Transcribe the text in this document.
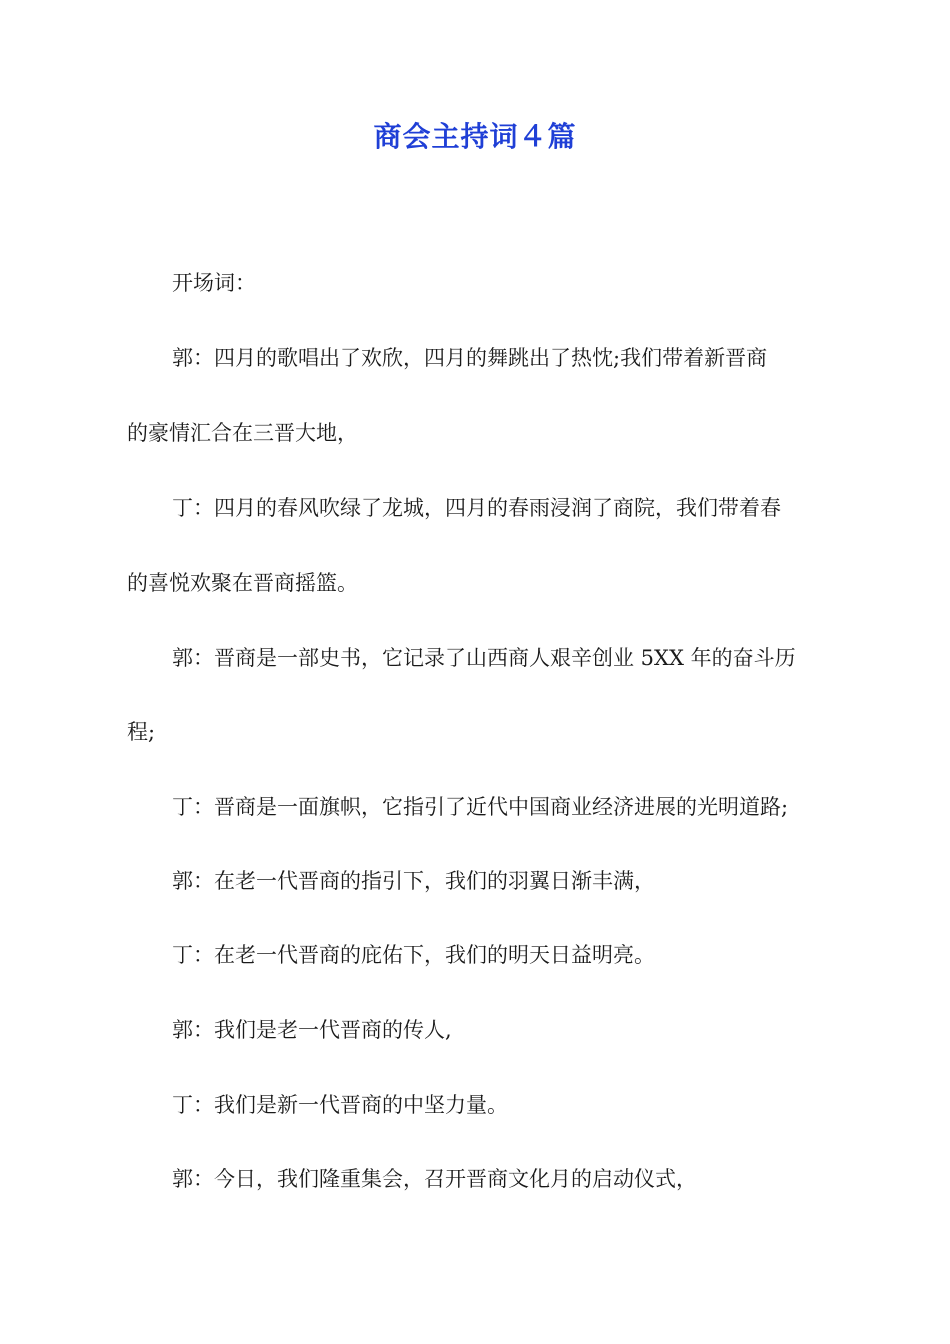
商会主持词４篇
开场词：
郭：四月的歌唱出了欢欣，四月的舞跳出了热忱;我们带着新晋商
的豪情汇合在三晋大地，
丁：四月的春风吹绿了龙城，四月的春雨浸润了商院，我们带着春
的喜悦欢聚在晋商摇篮。
郭：晋商是一部史书，它记录了山西商人艰辛创业 5XX 年的奋斗历
程;
丁：晋商是一面旗帜，它指引了近代中国商业经济进展的光明道路;
郭：在老一代晋商的指引下，我们的羽翼日渐丰满，
丁：在老一代晋商的庇佑下，我们的明天日益明亮。
郭：我们是老一代晋商的传人,
丁：我们是新一代晋商的中坚力量。
郭：今日，我们隆重集会，召开晋商文化月的启动仪式，
